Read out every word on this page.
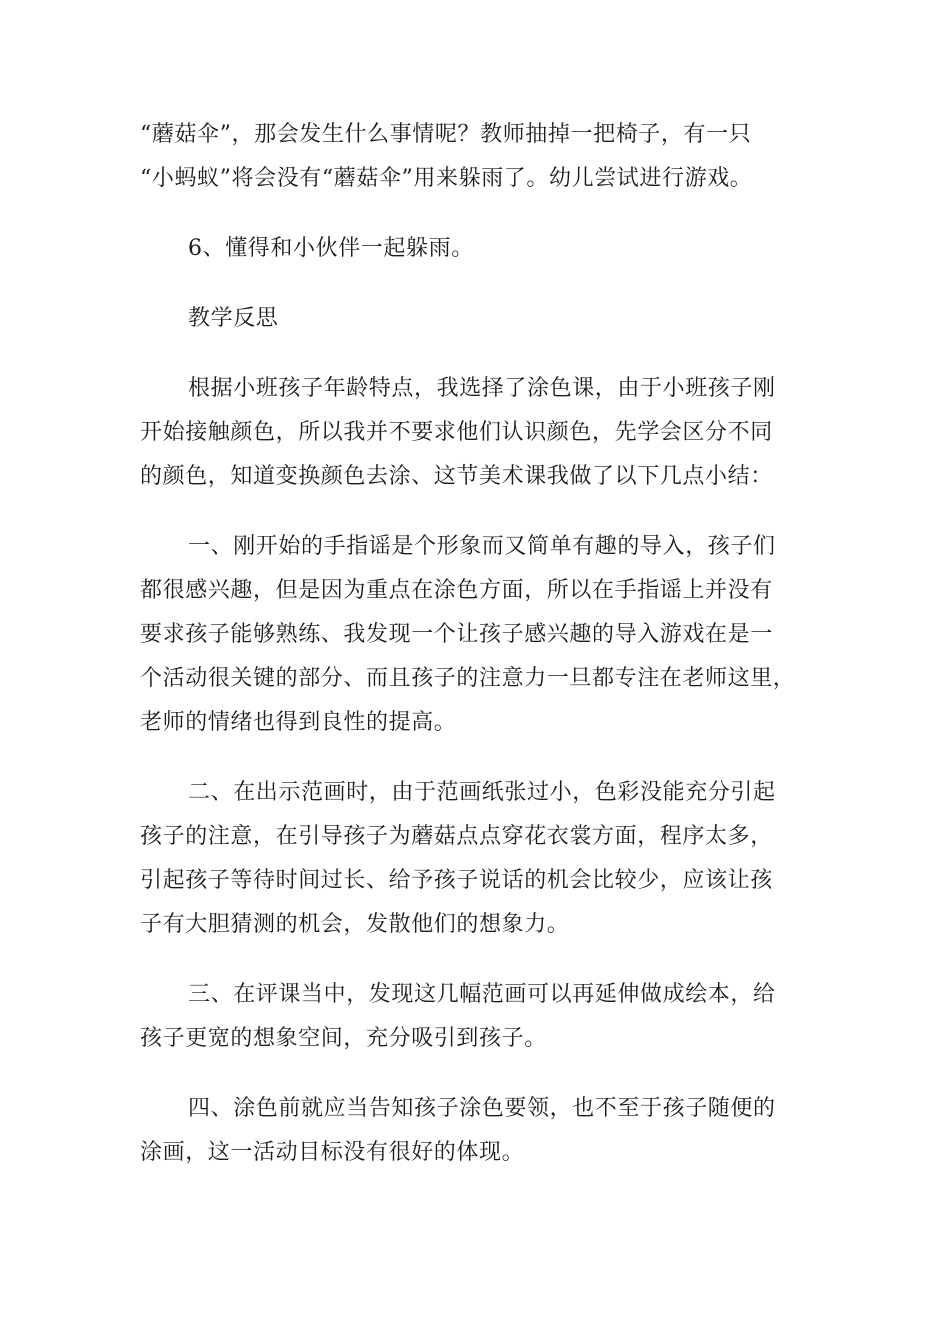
“蘑菇伞”，那会发生什么事情呢？教师抽掉一把椅子，有一只
“小蚂蚁”将会没有“蘑菇伞”用来躲雨了。幼儿尝试进行游戏。

6、懂得和小伙伴一起躲雨。

教学反思

根据小班孩子年龄特点，我选择了涂色课，由于小班孩子刚
开始接触颜色，所以我并不要求他们认识颜色，先学会区分不同
的颜色，知道变换颜色去涂、这节美术课我做了以下几点小结：

一、刚开始的手指谣是个形象而又简单有趣的导入，孩子们
都很感兴趣，但是因为重点在涂色方面，所以在手指谣上并没有
要求孩子能够熟练、我发现一个让孩子感兴趣的导入游戏在是一
个活动很关键的部分、而且孩子的注意力一旦都专注在老师这里，
老师的情绪也得到良性的提高。

二、在出示范画时，由于范画纸张过小，色彩没能充分引起
孩子的注意，在引导孩子为蘑菇点点穿花衣裳方面，程序太多，
引起孩子等待时间过长、给予孩子说话的机会比较少，应该让孩
子有大胆猜测的机会，发散他们的想象力。

三、在评课当中，发现这几幅范画可以再延伸做成绘本，给
孩子更宽的想象空间，充分吸引到孩子。

四、涂色前就应当告知孩子涂色要领，也不至于孩子随便的
涂画，这一活动目标没有很好的体现。
